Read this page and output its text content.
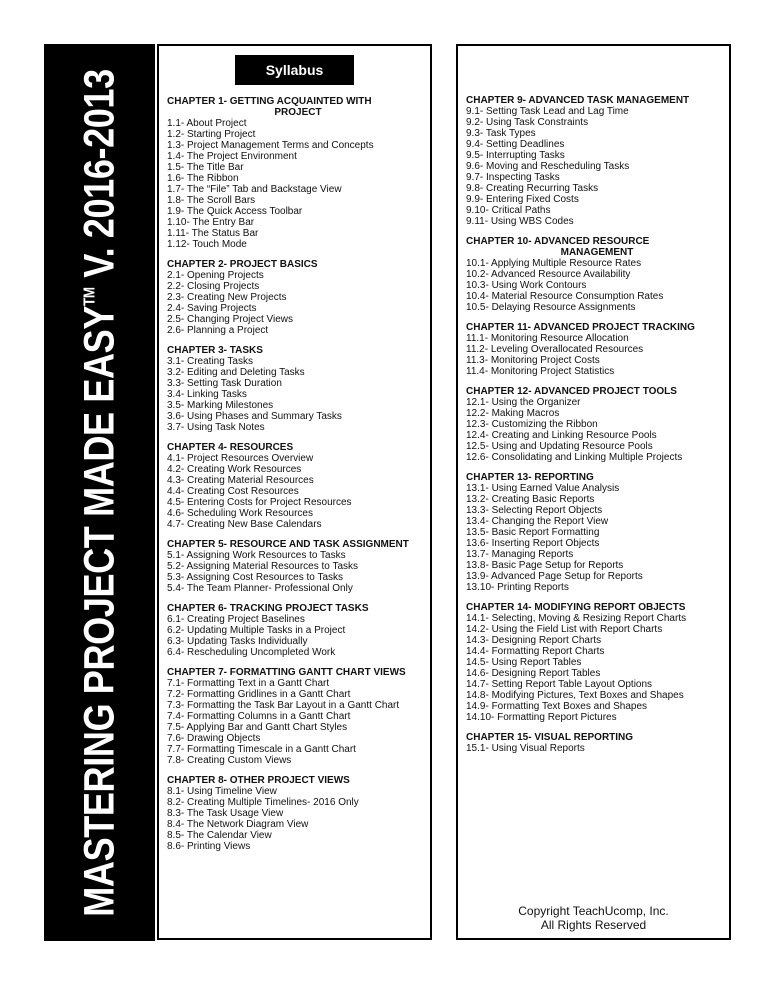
MASTERING PROJECT MADE EASY™ V. 2016-2013	Syllabus
CHAPTER 1- GETTING ACQUAINTED WITH
PROJECT
1.1- About Project
1.2- Starting Project
1.3- Project Management Terms and Concepts
1.4- The Project Environment
1.5- The Title Bar
1.6- The Ribbon
1.7- The “File” Tab and Backstage View
1.8- The Scroll Bars
1.9- The Quick Access Toolbar
1.10- The Entry Bar
1.11- The Status Bar
1.12- Touch Mode
CHAPTER 2- PROJECT BASICS
2.1- Opening Projects
2.2- Closing Projects
2.3- Creating New Projects
2.4- Saving Projects
2.5- Changing Project Views
2.6- Planning a Project
CHAPTER 3- TASKS
3.1- Creating Tasks
3.2- Editing and Deleting Tasks
3.3- Setting Task Duration
3.4- Linking Tasks
3.5- Marking Milestones
3.6- Using Phases and Summary Tasks
3.7- Using Task Notes
CHAPTER 4- RESOURCES
4.1- Project Resources Overview
4.2- Creating Work Resources
4.3- Creating Material Resources
4.4- Creating Cost Resources
4.5- Entering Costs for Project Resources
4.6- Scheduling Work Resources
4.7- Creating New Base Calendars
CHAPTER 5- RESOURCE AND TASK ASSIGNMENT
5.1- Assigning Work Resources to Tasks
5.2- Assigning Material Resources to Tasks
5.3- Assigning Cost Resources to Tasks
5.4- The Team Planner- Professional Only
CHAPTER 6- TRACKING PROJECT TASKS
6.1- Creating Project Baselines
6.2- Updating Multiple Tasks in a Project
6.3- Updating Tasks Individually
6.4- Rescheduling Uncompleted Work
CHAPTER 7- FORMATTING GANTT CHART VIEWS
7.1- Formatting Text in a Gantt Chart
7.2- Formatting Gridlines in a Gantt Chart
7.3- Formatting the Task Bar Layout in a Gantt Chart
7.4- Formatting Columns in a Gantt Chart
7.5- Applying Bar and Gantt Chart Styles
7.6- Drawing Objects
7.7- Formatting Timescale in a Gantt Chart
7.8- Creating Custom Views
CHAPTER 8- OTHER PROJECT VIEWS
8.1- Using Timeline View
8.2- Creating Multiple Timelines- 2016 Only
8.3- The Task Usage View
8.4- The Network Diagram View
8.5- The Calendar View
8.6- Printing Views
CHAPTER 9- ADVANCED TASK MANAGEMENT
9.1- Setting Task Lead and Lag Time
9.2- Using Task Constraints
9.3- Task Types
9.4- Setting Deadlines
9.5- Interrupting Tasks
9.6- Moving and Rescheduling Tasks
9.7- Inspecting Tasks
9.8- Creating Recurring Tasks
9.9- Entering Fixed Costs
9.10- Critical Paths
9.11- Using WBS Codes
CHAPTER 10- ADVANCED RESOURCE
MANAGEMENT
10.1- Applying Multiple Resource Rates
10.2- Advanced Resource Availability
10.3- Using Work Contours
10.4- Material Resource Consumption Rates
10.5- Delaying Resource Assignments
CHAPTER 11- ADVANCED PROJECT TRACKING
11.1- Monitoring Resource Allocation
11.2- Leveling Overallocated Resources
11.3- Monitoring Project Costs
11.4- Monitoring Project Statistics
CHAPTER 12- ADVANCED PROJECT TOOLS
12.1- Using the Organizer
12.2- Making Macros
12.3- Customizing the Ribbon
12.4- Creating and Linking Resource Pools
12.5- Using and Updating Resource Pools
12.6- Consolidating and Linking Multiple Projects
CHAPTER 13- REPORTING
13.1- Using Earned Value Analysis
13.2- Creating Basic Reports
13.3- Selecting Report Objects
13.4- Changing the Report View
13.5- Basic Report Formatting
13.6- Inserting Report Objects
13.7- Managing Reports
13.8- Basic Page Setup for Reports
13.9- Advanced Page Setup for Reports
13.10- Printing Reports
CHAPTER 14- MODIFYING REPORT OBJECTS
14.1- Selecting, Moving & Resizing Report Charts
14.2- Using the Field List with Report Charts
14.3- Designing Report Charts
14.4- Formatting Report Charts
14.5- Using Report Tables
14.6- Designing Report Tables
14.7- Setting Report Table Layout Options
14.8- Modifying Pictures, Text Boxes and Shapes
14.9- Formatting Text Boxes and Shapes
14.10- Formatting Report Pictures
CHAPTER 15- VISUAL REPORTING
15.1- Using Visual Reports
Copyright TeachUcomp, Inc.
All Rights Reserved
